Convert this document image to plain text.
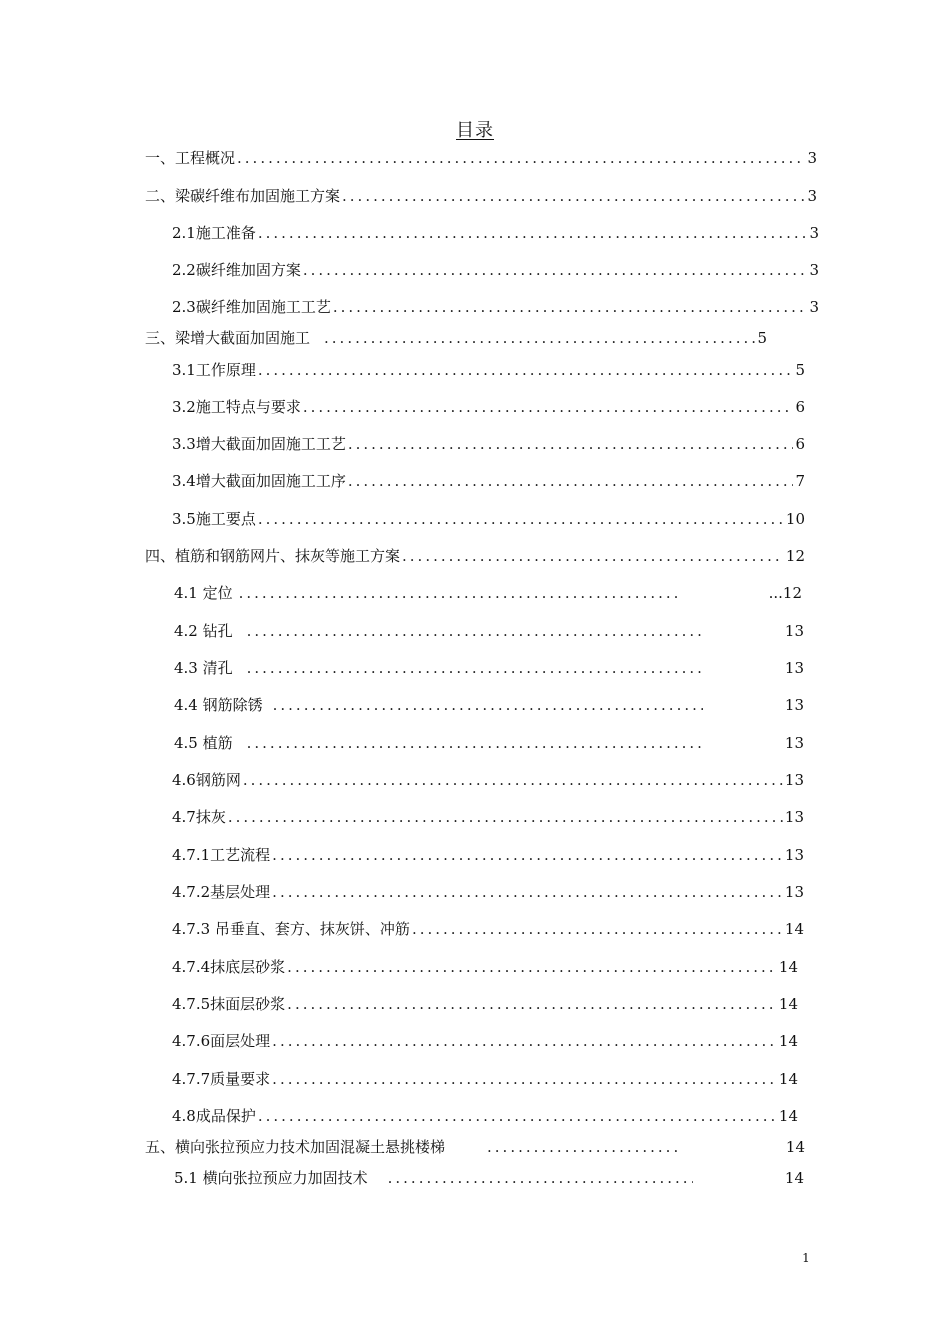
目录
一、工程概况 .....	3
二、梁碳纤维布加固施工方案 .....	3
2.1施工准备 .....	3
2.2碳纤维加固方案 .....	3
2.3碳纤维加固施工工艺 .....	3
三、梁增大截面加固施工 .....	5
3.1工作原理 .....	5
3.2施工特点与要求 .....	6
3.3增大截面加固施工工艺 .....	6
3.4增大截面加固施工工序 .....	7
3.5施工要点 .....	10
四、植筋和钢筋网片、抹灰等施工方案 .....	12
4.1 定位 .....	...12
4.2 钻孔 .....	13
4.3 清孔 .....	13
4.4 钢筋除锈 .....	13
4.5 植筋 .....	13
4.6钢筋网 .....	13
4.7抹灰 .....	13
4.7.1工艺流程 .....	13
4.7.2基层处理 .....	13
4.7.3 吊垂直、套方、抹灰饼、冲筋 .....	14
4.7.4抹底层砂浆 .....	14
4.7.5抹面层砂浆 .....	14
4.7.6面层处理 .....	14
4.7.7质量要求 .....	14
4.8成品保护 .....	14
五、横向张拉预应力技术加固混凝土悬挑楼梯 .....	14
5.1 横向张拉预应力加固技术 .....	14
1
